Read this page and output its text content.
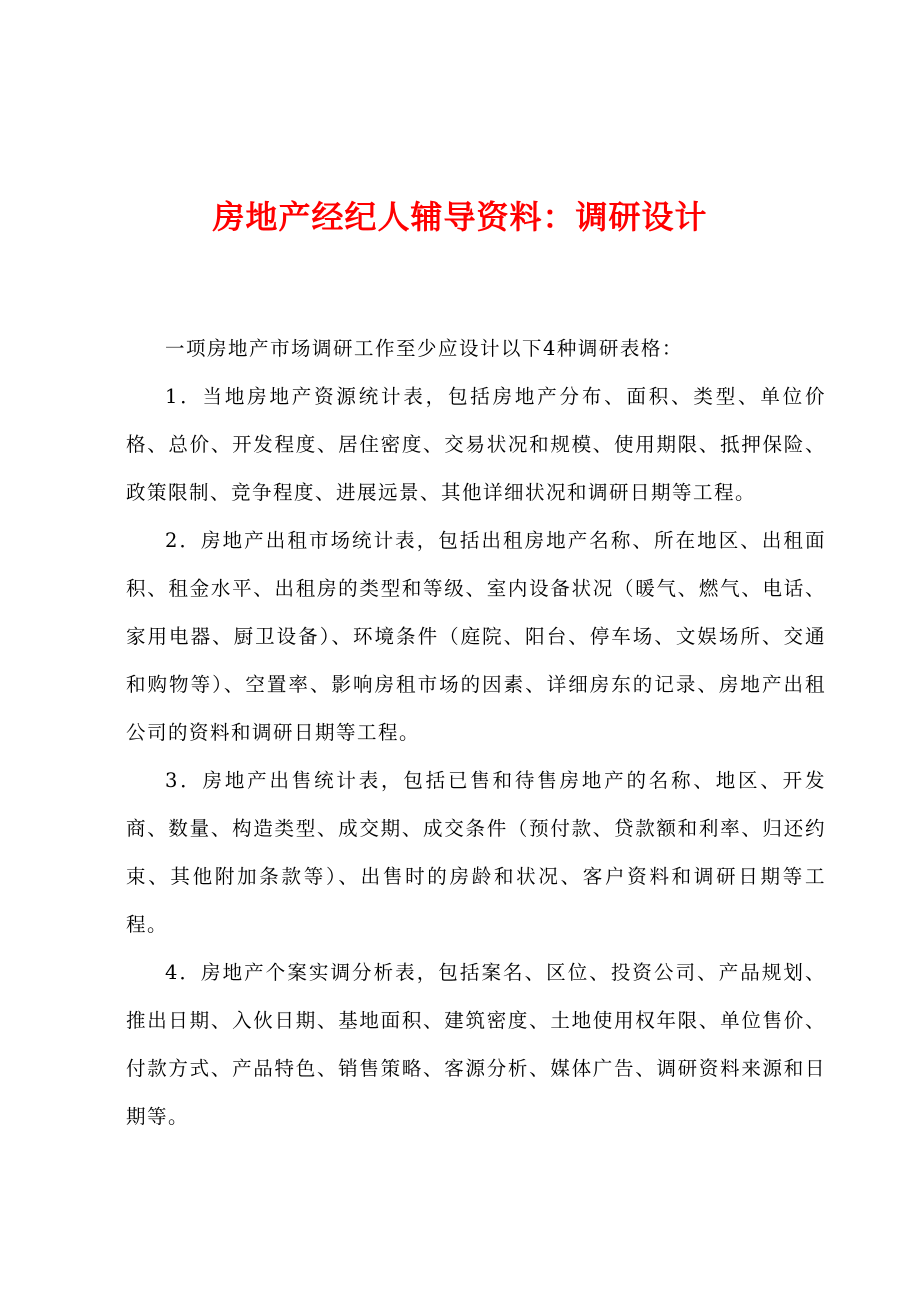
房地产经纪人辅导资料：调研设计

一项房地产市场调研工作至少应设计以下4种调研表格：

1．当地房地产资源统计表，包括房地产分布、面积、类型、单位价格、总价、开发程度、居住密度、交易状况和规模、使用期限、抵押保险、政策限制、竞争程度、进展远景、其他详细状况和调研日期等工程。

2．房地产出租市场统计表，包括出租房地产名称、所在地区、出租面积、租金水平、出租房的类型和等级、室内设备状况（暖气、燃气、电话、家用电器、厨卫设备）、环境条件（庭院、阳台、停车场、文娱场所、交通和购物等）、空置率、影响房租市场的因素、详细房东的记录、房地产出租公司的资料和调研日期等工程。

3．房地产出售统计表，包括已售和待售房地产的名称、地区、开发商、数量、构造类型、成交期、成交条件（预付款、贷款额和利率、归还约束、其他附加条款等）、出售时的房龄和状况、客户资料和调研日期等工程。

4．房地产个案实调分析表，包括案名、区位、投资公司、产品规划、推出日期、入伙日期、基地面积、建筑密度、土地使用权年限、单位售价、付款方式、产品特色、销售策略、客源分析、媒体广告、调研资料来源和日期等。
